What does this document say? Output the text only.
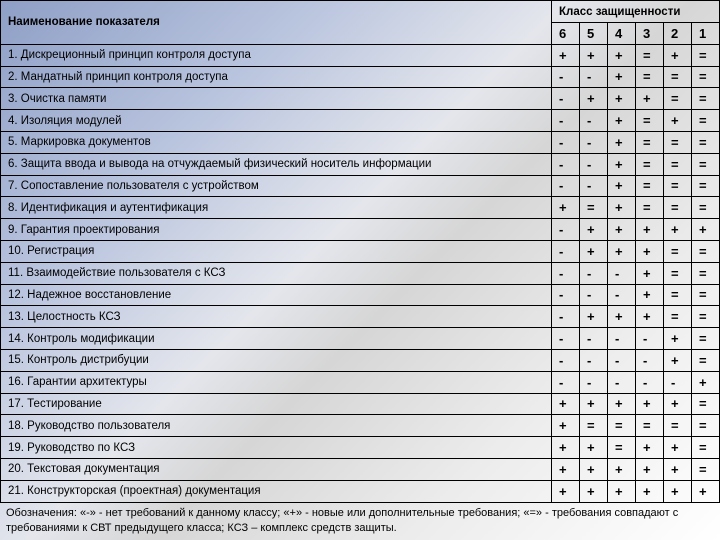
Наименование показателя	Класс защищенности					
	6	5	4	3	2	1
1. Дискреционный принцип контроля доступа	+	+	+	=	+	=
2. Мандатный принцип контроля доступа	-	-	+	=	=	=
3. Очистка памяти	-	+	+	+	=	=
4. Изоляция модулей	-	-	+	=	+	=
5. Маркировка документов	-	-	+	=	=	=
6. Защита ввода и вывода на отчуждаемый физический носитель информации	-	-	+	=	=	=
7. Сопоставление пользователя с устройством	-	-	+	=	=	=
8. Идентификация и аутентификация	+	=	+	=	=	=
9. Гарантия проектирования	-	+	+	+	+	+
10. Регистрация	-	+	+	+	=	=
11. Взаимодействие пользователя с КСЗ	-	-	-	+	=	=
12. Надежное восстановление	-	-	-	+	=	=
13. Целостность КСЗ	-	+	+	+	=	=
14. Контроль модификации	-	-	-	-	+	=
15. Контроль дистрибуции	-	-	-	-	+	=
16. Гарантии архитектуры	-	-	-	-	-	+
17. Тестирование	+	+	+	+	+	=
18. Руководство пользователя	+	=	=	=	=	=
19. Руководство по КСЗ	+	+	=	+	+	=
20. Текстовая документация	+	+	+	+	+	=
21. Конструкторская (проектная) документация	+	+	+	+	+	+
Обозначения: «-» - нет требований к данному классу; «+» - новые или дополнительные требования; «=» - требования совпадают с требованиями к СВТ предыдущего класса; КСЗ – комплекс средств защиты.
